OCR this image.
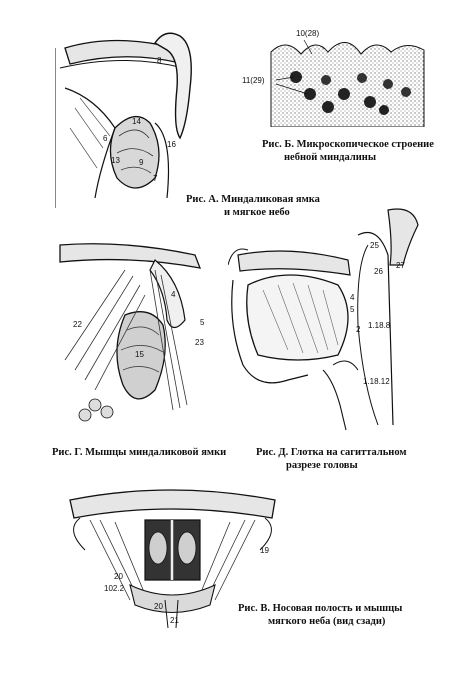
8
14
6
13 9
7
16
10(28)
11(29)
Рис. Б. Микроскопическое строение
небной миндалины
Рис. А. Миндаликовая ямка
и мягкое небо
4
5
22
15
23
Рис. Г. Мышцы миндаликовой ямки
25
26
27
4
5
2 1.18.8
1.18.12
Рис. Д. Глотка на сагиттальном
разрезе головы
19
20
102.2
20
21
Рис. В. Носовая полость и мышцы
мягкого неба (вид сзади)
